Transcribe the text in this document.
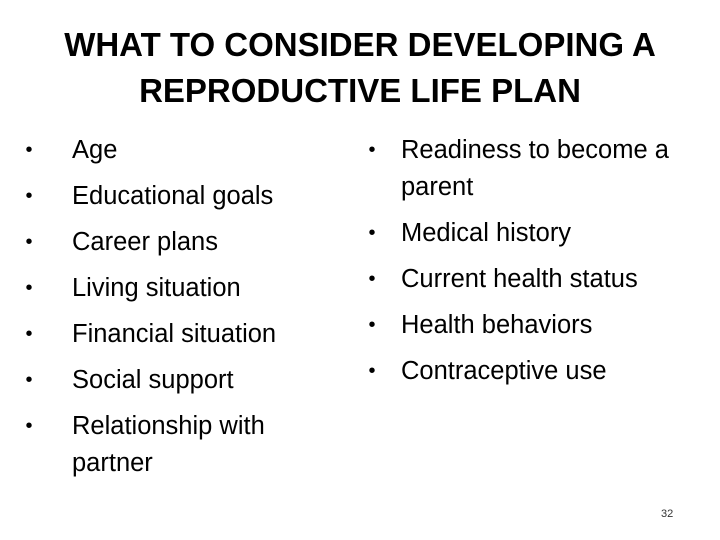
WHAT TO CONSIDER DEVELOPING A
REPRODUCTIVE LIFE PLAN
• Age
• Educational goals
• Career plans
• Living situation
• Financial situation
• Social support
• Relationship with partner
• Readiness to become a parent
• Medical history
• Current health status
• Health behaviors
• Contraceptive use
32
